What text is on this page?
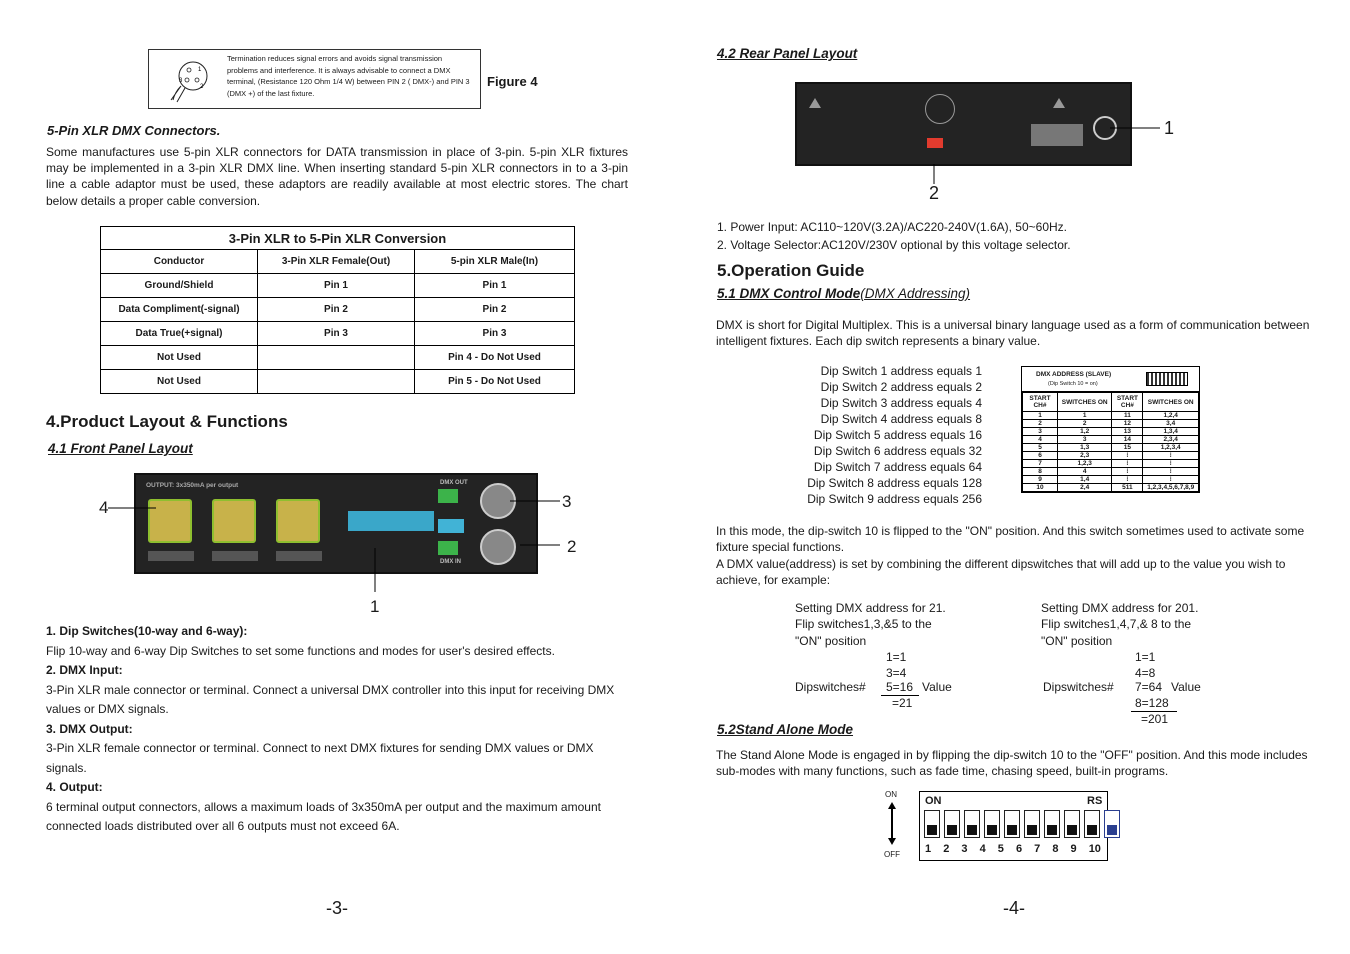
3
1
2
Termination reduces signal errors and avoids signal transmission problems and interference. It is always advisable to connect a DMX terminal, (Resistance 120 Ohm 1/4 W) between PIN 2 ( DMX-) and PIN 3 (DMX +) of the last fixture.
Figure 4
5-Pin XLR DMX Connectors.
Some manufactures use 5-pin XLR connectors for DATA transmission in place of 3-pin. 5-pin XLR fixtures may be implemented in a 3-pin XLR DMX line. When inserting standard 5-pin XLR connectors in to a 3-pin line a cable adaptor must be used, these adaptors are readily available at most electric stores. The chart below details a proper cable conversion.
3-Pin XLR to 5-Pin XLR Conversion		
Conductor	3-Pin XLR Female(Out)	5-pin XLR Male(In)
Ground/Shield	Pin 1	Pin 1
Data Compliment(-signal)	Pin 2	Pin 2
Data True(+signal)	Pin 3	Pin 3
Not Used		Pin 4 - Do Not Used
Not Used		Pin 5 - Do Not Used
4.Product Layout & Functions
4.1 Front Panel Layout
OUTPUT: 3x350mA per output	DMX OUT
DMX IN
4	3
2
1
1. Dip Switches(10-way and 6-way):
Flip 10-way and 6-way Dip Switches to set some functions and modes for user's desired effects.
2. DMX Input:
3-Pin XLR male connector or terminal. Connect a universal DMX controller into this input for receiving DMX values or DMX signals.
3. DMX Output:
3-Pin XLR female connector or terminal. Connect to next DMX fixtures for sending DMX values or DMX signals.
4. Output:
6 terminal output connectors, allows a maximum loads of 3x350mA per output and the maximum amount connected loads distributed over all 6 outputs must not exceed 6A.
-3-
4.2 Rear Panel Layout
1
2
1. Power Input: AC110~120V(3.2A)/AC220-240V(1.6A), 50~60Hz.
2. Voltage Selector:AC120V/230V optional by this voltage selector.
5.Operation Guide
5.1 DMX Control Mode(DMX Addressing)
DMX is short for Digital Multiplex. This is a universal binary language used as a form of communication between intelligent fixtures. Each dip switch represents a binary value.
Dip Switch 1 address equals 1
Dip Switch 2 address equals 2
Dip Switch 3 address equals 4
Dip Switch 4 address equals 8
Dip Switch 5 address equals 16
Dip Switch 6 address equals 32
Dip Switch 7 address equals 64
Dip Switch 8 address equals 128
Dip Switch 9 address equals 256
DMX ADDRESS (SLAVE)
(Dip Switch 10 = on)
START CH#	SWITCHES ON	START CH#	SWITCHES ON
1	1	11	1,2,4
2	2	12	3,4
3	1,2	13	1,3,4
4	3	14	2,3,4
5	1,3	15	1,2,3,4
6	2,3	⁝	⁝
7	1,2,3	⁝	⁝
8	4	⁝	⁝
9	1,4	⁝	⁝
10	2,4	511	1,2,3,4,5,6,7,8,9
In this mode, the dip-switch 10 is flipped to the "ON" position. And this switch sometimes used to activate some fixture special functions.
A DMX value(address) is set by combining the different dipswitches that will add up to the value you wish to achieve, for example:
Setting DMX address for 21.
Flip switches1,3,&5 to the
"ON" position
1=1
3=4
Dipswitches# 5=16 Value
=21
Setting DMX address for 201.
Flip switches1,4,7,& 8 to the
"ON" position
1=1
4=8
Dipswitches# 7=64 Value
8=128
=201
5.2Stand Alone Mode
The Stand Alone Mode is engaged in by flipping the dip-switch 10 to the "OFF" position. And this mode includes sub-modes with many functions, such as fade time, chasing speed, built-in programs.
ON
OFF
ON	RS
1 2 3 4 5 6 7 8 9 10
-4-
